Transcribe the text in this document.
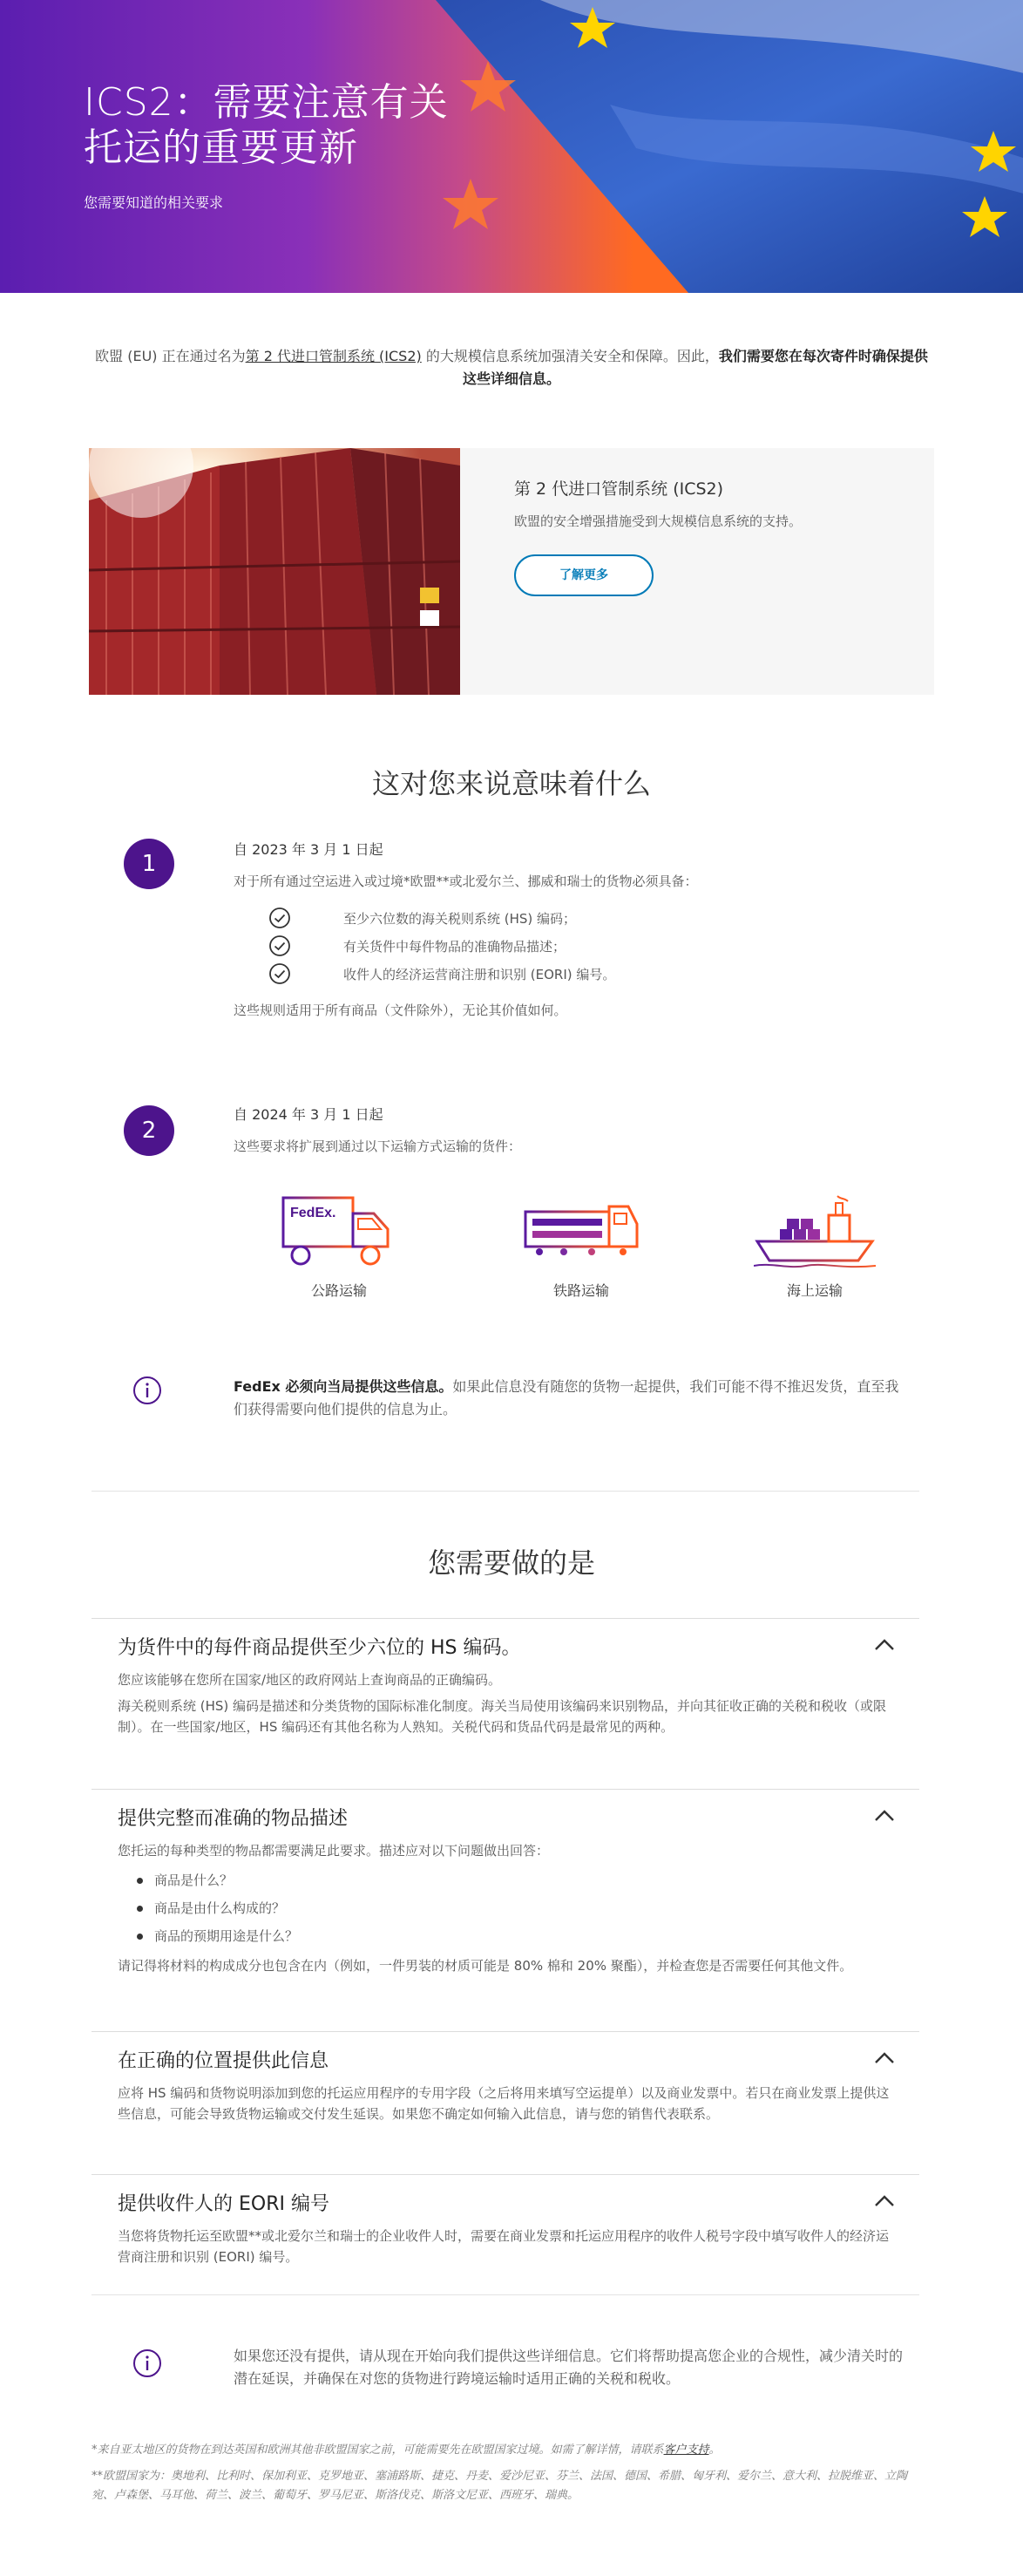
ICS2：需要注意有关托运的重要更新
您需要知道的相关要求
欧盟 (EU) 正在通过名为第 2 代进口管制系统 (ICS2) 的大规模信息系统加强清关安全和保障。因此，我们需要您在每次寄件时确保提供这些详细信息。
第 2 代进口管制系统 (ICS2)
欧盟的安全增强措施受到大规模信息系统的支持。
了解更多
这对您来说意味着什么
1
自 2023 年 3 月 1 日起
对于所有通过空运进入或过境*欧盟**或北爱尔兰、挪威和瑞士的货物必须具备：
至少六位数的海关税则系统 (HS) 编码；
有关货件中每件物品的准确物品描述；
收件人的经济运营商注册和识别 (EORI) 编号。
这些规则适用于所有商品（文件除外），无论其价值如何。
2
自 2024 年 3 月 1 日起
这些要求将扩展到通过以下运输方式运输的货件：
FedEx.
公路运输	铁路运输	海上运输
FedEx 必须向当局提供这些信息。如果此信息没有随您的货物一起提供，我们可能不得不推迟发货，直至我们获得需要向他们提供的信息为止。
您需要做的是
为货件中的每件商品提供至少六位的 HS 编码。

您应该能够在您所在国家/地区的政府网站上查询商品的正确编码。

海关税则系统 (HS) 编码是描述和分类货物的国际标准化制度。海关当局使用该编码来识别物品，并向其征收正确的关税和税收（或限制）。在一些国家/地区，HS 编码还有其他名称为人熟知。关税代码和货品代码是最常见的两种。

提供完整而准确的物品描述

您托运的每种类型的物品都需要满足此要求。描述应对以下问题做出回答：

商品是什么？
商品是由什么构成的？
商品的预期用途是什么？

请记得将材料的构成成分也包含在内（例如，一件男装的材质可能是 80% 棉和 20% 聚酯），并检查您是否需要任何其他文件。

在正确的位置提供此信息

应将 HS 编码和货物说明添加到您的托运应用程序的专用字段（之后将用来填写空运提单）以及商业发票中。若只在商业发票上提供这些信息，可能会导致货物运输或交付发生延误。如果您不确定如何输入此信息，请与您的销售代表联系。

提供收件人的 EORI 编号

当您将货物托运至欧盟**或北爱尔兰和瑞士的企业收件人时，需要在商业发票和托运应用程序的收件人税号字段中填写收件人的经济运营商注册和识别 (EORI) 编号。

如果您还没有提供，请从现在开始向我们提供这些详细信息。它们将帮助提高您企业的合规性，减少清关时的潜在延误，并确保在对您的货物进行跨境运输时适用正确的关税和税收。
*来自亚太地区的货物在到达英国和欧洲其他非欧盟国家之前，可能需要先在欧盟国家过境。如需了解详情，请联系客户支持。
**欧盟国家为：奥地利、比利时、保加利亚、克罗地亚、塞浦路斯、捷克、丹麦、爱沙尼亚、芬兰、法国、德国、希腊、匈牙利、爱尔兰、意大利、拉脱维亚、立陶宛、卢森堡、马耳他、荷兰、波兰、葡萄牙、罗马尼亚、斯洛伐克、斯洛文尼亚、西班牙、瑞典。
